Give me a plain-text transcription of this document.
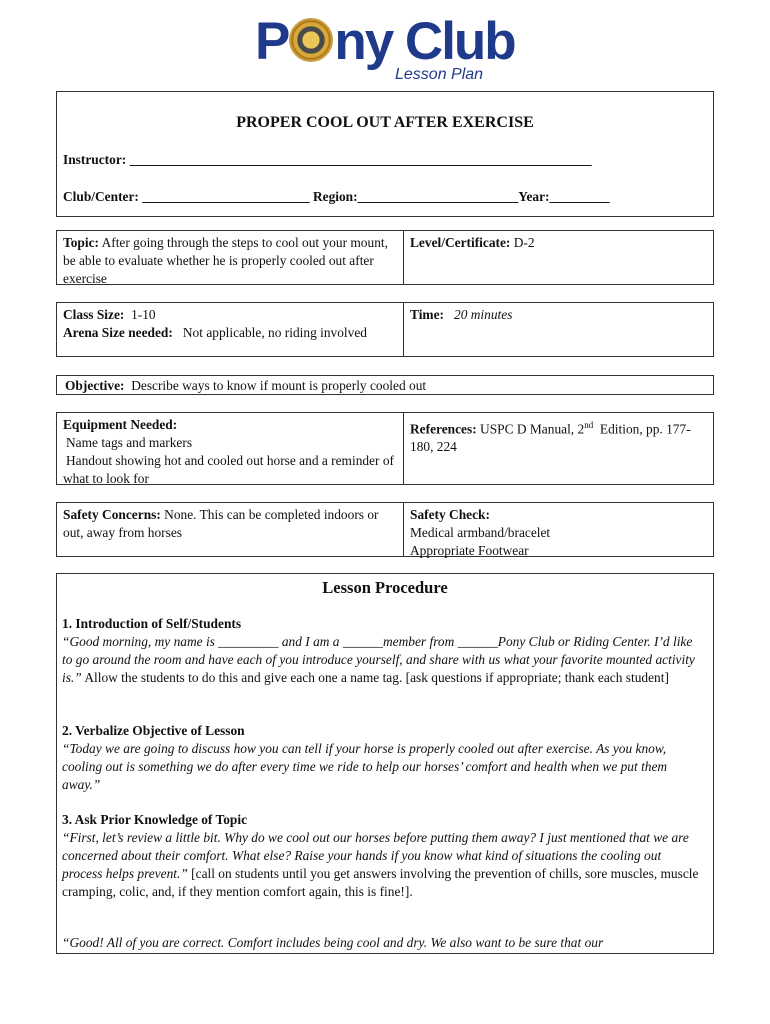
P ny Club
Lesson Plan
PROPER COOL OUT AFTER EXERCISE
Instructor: _____________________________________________________________________
Club/Center: _________________________ Region:________________________Year:_________
Topic: After going through the steps to cool out your mount, be able to evaluate whether he is properly cooled out after exercise
Level/Certificate: D-2
Class Size: 1-10
Arena Size needed: Not applicable, no riding involved
Time: 20 minutes
Objective: Describe ways to know if mount is properly cooled out
Equipment Needed:
Name tags and markers
Handout showing hot and cooled out horse and a reminder of what to look for
References: USPC D Manual, 2nd Edition, pp. 177-180, 224
Safety Concerns: None. This can be completed indoors or out, away from horses
Safety Check:
Medical armband/bracelet
Appropriate Footwear
Lesson Procedure

1. Introduction of Self/Students

“Good morning, my name is _________ and I am a ______member from ______Pony Club or Riding Center. I’d like to go around the room and have each of you introduce yourself, and share with us what your favorite mounted activity is.” Allow the students to do this and give each one a name tag. [ask questions if appropriate; thank each student]

2. Verbalize Objective of Lesson

“Today we are going to discuss how you can tell if your horse is properly cooled out after exercise. As you know, cooling out is something we do after every time we ride to help our horses’ comfort and health when we put them away.”

3. Ask Prior Knowledge of Topic

“First, let’s review a little bit. Why do we cool out our horses before putting them away? I just mentioned that we are concerned about their comfort. What else? Raise your hands if you know what kind of situations the cooling out process helps prevent.” [call on students until you get answers involving the prevention of chills, sore muscles, muscle cramping, colic, and, if they mention comfort again, this is fine!].

“Good! All of you are correct. Comfort includes being cool and dry. We also want to be sure that our
